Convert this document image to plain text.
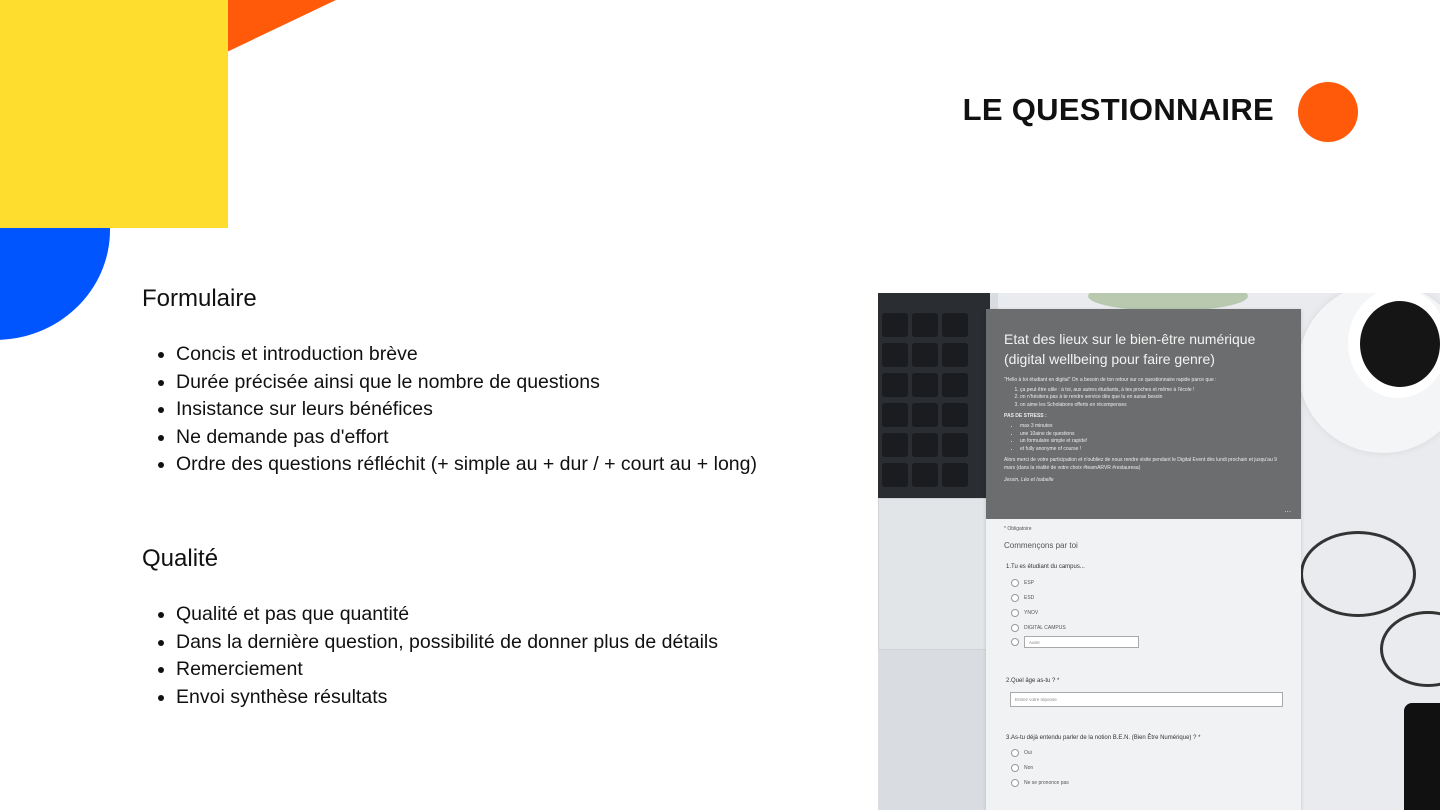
LE QUESTIONNAIRE
Formulaire
• Concis et introduction brève
• Durée précisée ainsi que le nombre de questions
• Insistance sur leurs bénéfices
• Ne demande pas d'effort
• Ordre des questions réfléchit (+ simple au + dur / + court au + long)
Qualité
• Qualité et pas que quantité
• Dans la dernière question, possibilité de donner plus de détails
• Remerciement
• Envoi synthèse résultats
Etat des lieux sur le bien-être numérique (digital wellbeing pour faire genre)

"Hello à toi étudiant en digital" On a besoin de ton retour sur ce questionnaire rapide parce que :

1. ça peut être utile : à toi, aux autres étudiants, à tes proches et même à l'école !
2. on n'hésitera pas à te rendre service dès que tu en auras besoin
3. on aime les Scholabons offerts en récompenses

PAS DE STRESS :

• max 3 minutes
• une 10aine de questions
• un formulaire simple et rapide!
• et fully anonyme of course !

Alors merci de votre participation et n'oubliez de nous rendre visite pendant le Digital Event dès lundi prochain et jusqu'au 9 mars (dans la réalité de votre choix #teamARVR #restauresa)

Jessin, Léo et Isabelle

...
* Obligatoire
Commençons par toi
1.Tu es étudiant du campus...
ESP
ESD
YNOV
DIGITAL CAMPUS
Autre
2.Quel âge as-tu ? *
Entrez votre réponse
3.As-tu déjà entendu parler de la notion B.E.N. (Bien Être Numérique) ? *
Oui
Non
Ne se prononce pas
